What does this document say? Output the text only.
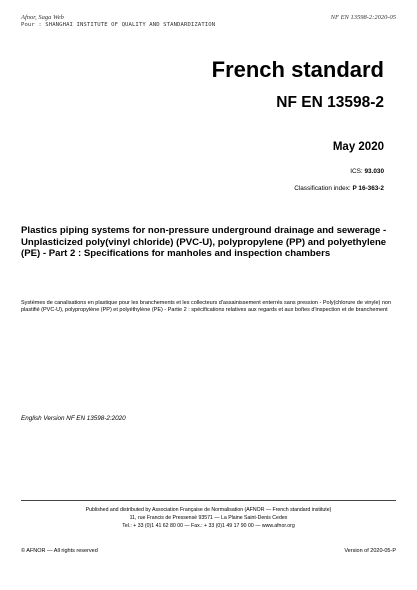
Afnor, Saga Web
Pour : SHANGHAI INSTITUTE OF QUALITY AND STANDARDIZATION
NF EN 13598-2:2020-05
French standard
NF EN 13598-2
May 2020
ICS: 93.030
Classification index: P 16-363-2
Plastics piping systems for non-pressure underground drainage and sewerage - Unplasticized poly(vinyl chloride) (PVC-U), polypropylene (PP) and polyethylene (PE) - Part 2 : Specifications for manholes and inspection chambers
Systèmes de canalisations en plastique pour les branchements et les collecteurs d'assainissement enterrés sans pression - Poly(chlorure de vinyle) non plastifié (PVC-U), polypropylène (PP) et polyéthylène (PE) - Partie 2 : spécifications relatives aux regards et aux boîtes d'inspection et de branchement
English Version NF EN 13598-2:2020
Published and distributed by Association Française de Normalisation (AFNOR — French standard institute)
11, rue Francis de Pressensé 93571 — La Plaine Saint-Denis Cedex
Tel.: + 33 (0)1 41 62 80 00 — Fax.: + 33 (0)1 49 17 90 00 — www.afnor.org
© AFNOR — All rights reserved	Version of 2020-05-P
